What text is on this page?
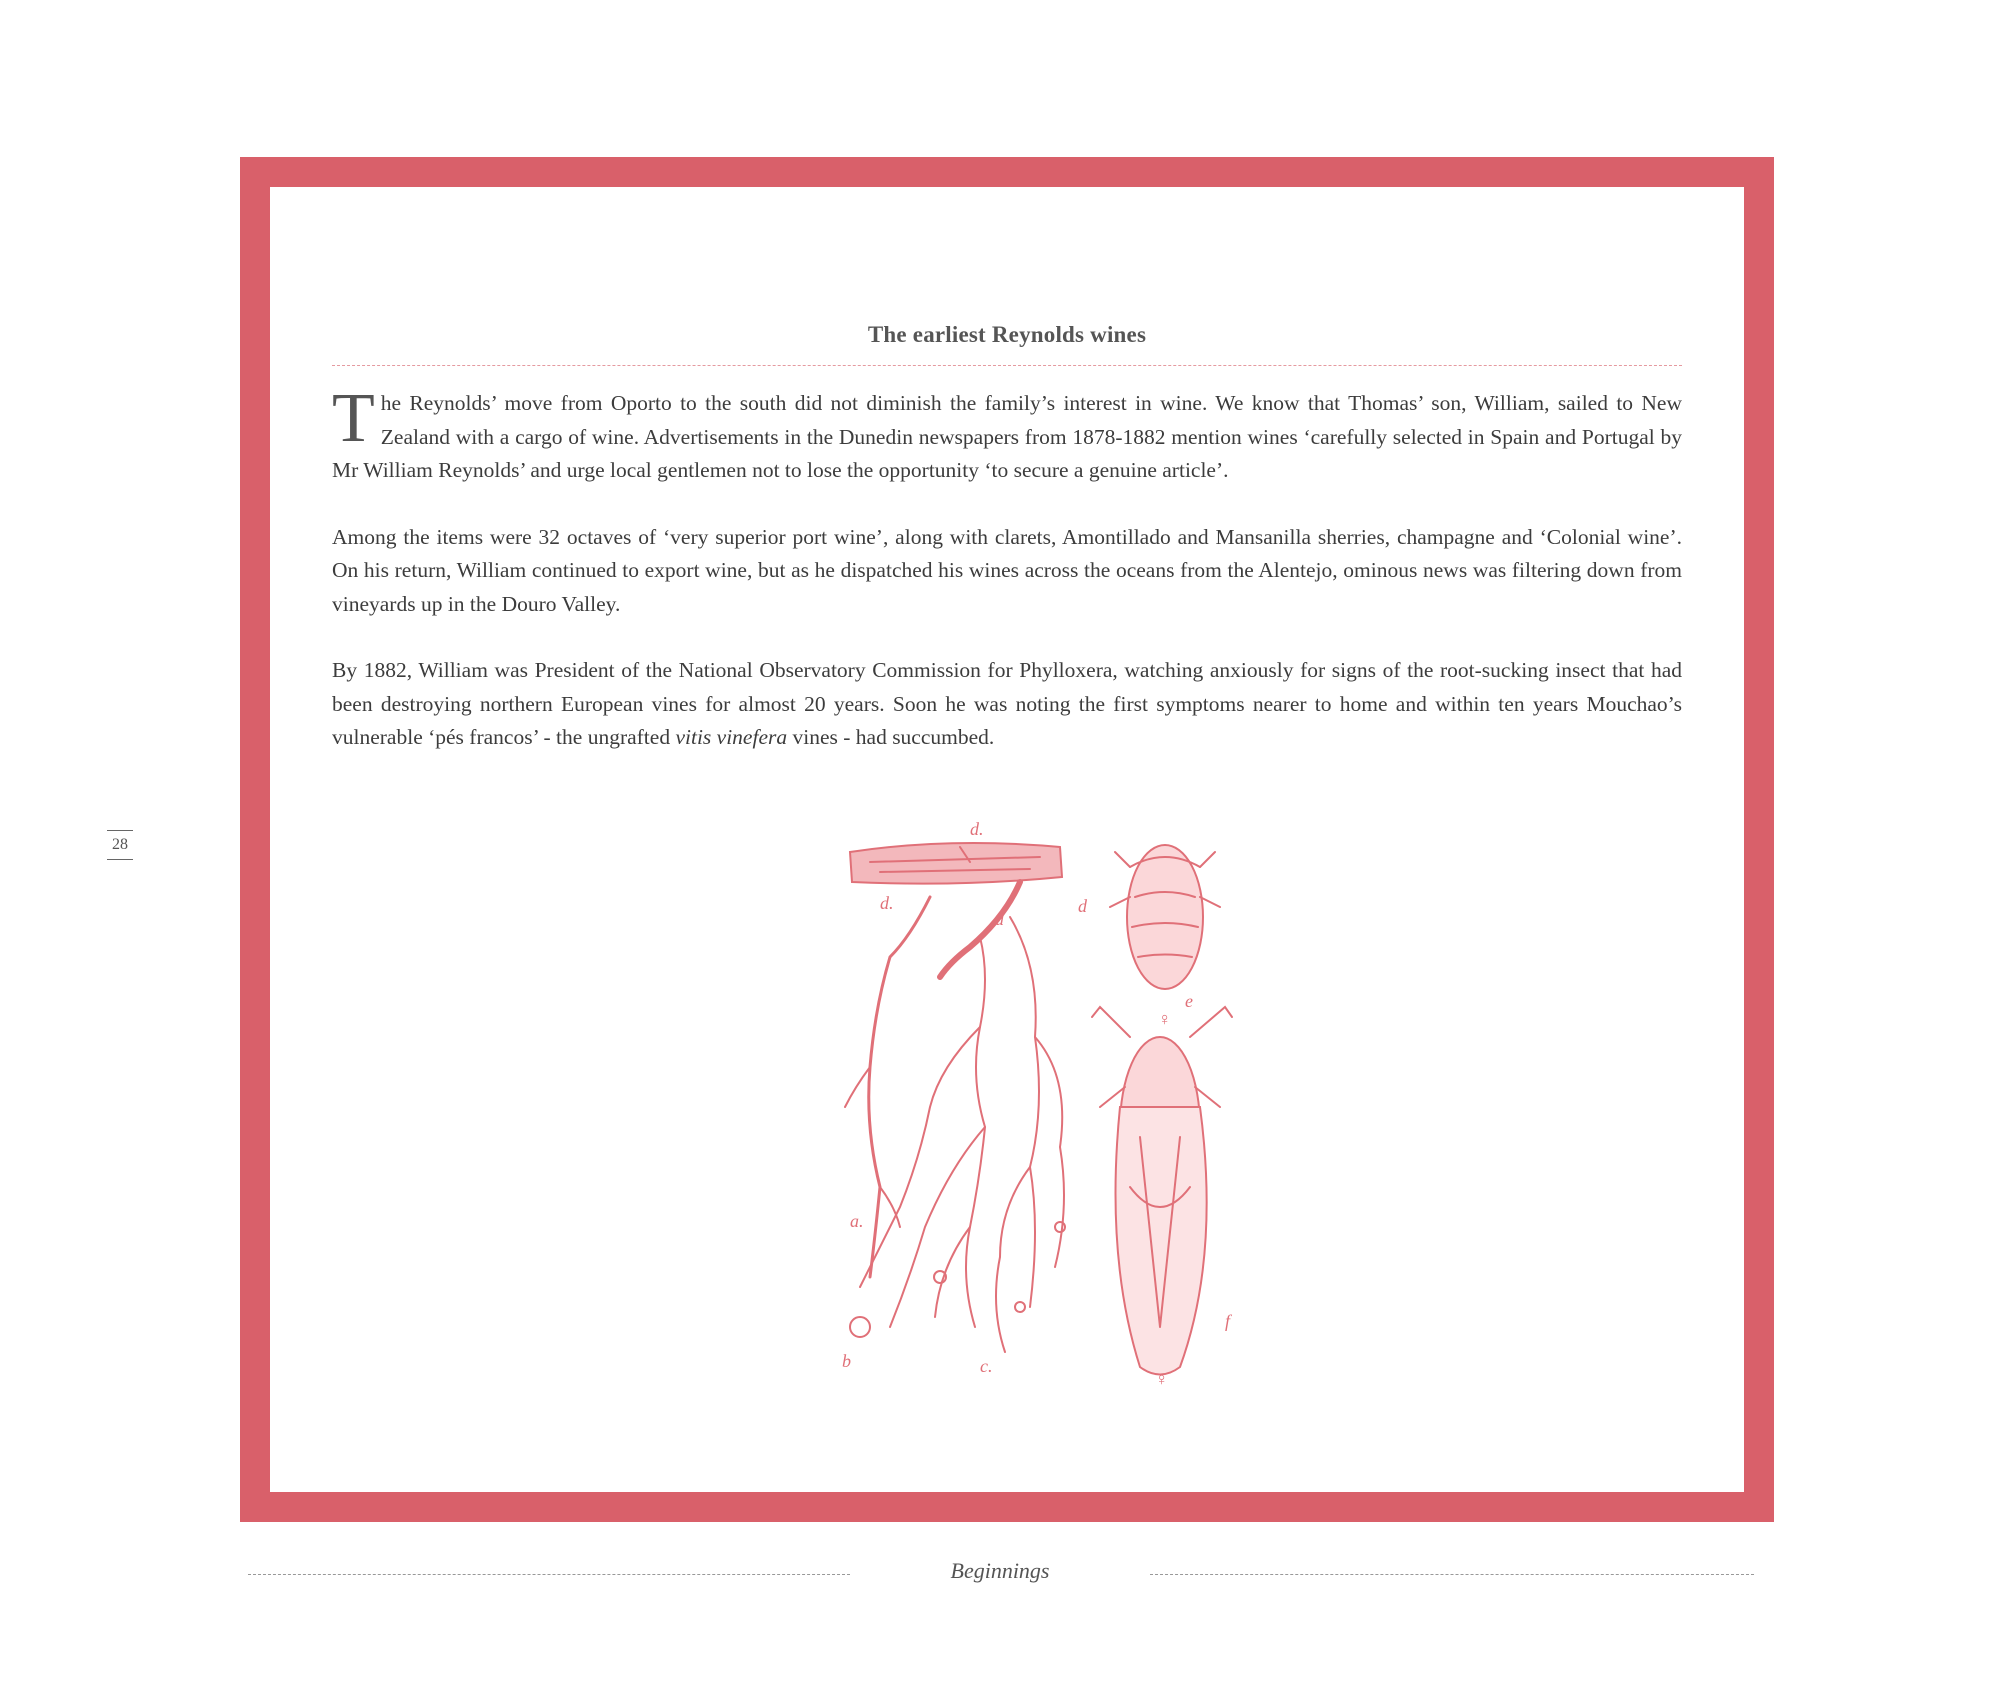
The earliest Reynolds wines

The Reynolds’ move from Oporto to the south did not diminish the family’s interest in wine. We know that Thomas’ son, William, sailed to New Zealand with a cargo of wine. Advertisements in the Dunedin newspapers from 1878-1882 mention wines ‘carefully selected in Spain and Portugal by Mr William Reynolds’ and urge local gentlemen not to lose the opportunity ‘to secure a genuine article’.

Among the items were 32 octaves of ‘very superior port wine’, along with clarets, Amontillado and Mansanilla sherries, champagne and ‘Colonial wine’. On his return, William continued to export wine, but as he dispatched his wines across the oceans from the Alentejo, ominous news was filtering down from vineyards up in the Douro Valley.

By 1882, William was President of the National Observatory Commission for Phylloxera, watching anxiously for signs of the root-sucking insect that had been destroying northern European vines for almost 20 years. Soon he was noting the first symptoms nearer to home and within ten years Mouchao’s vulnerable ‘pés francos’ - the ungrafted vitis vinefera vines - had succumbed.

d.
d.
d
d
a.
b	c.
e
f
♀
♀
28
Beginnings
